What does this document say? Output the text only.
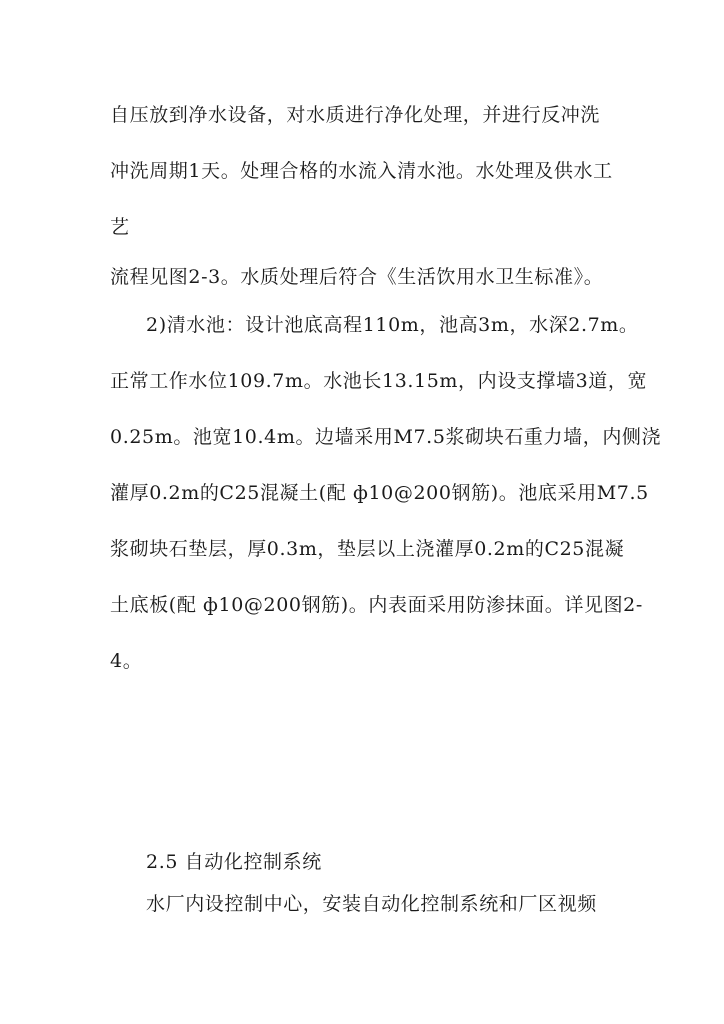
自压放到净水设备，对水质进行净化处理，并进行反冲洗
冲洗周期1天。处理合格的水流入清水池。水处理及供水工
艺
流程见图2-3。水质处理后符合《生活饮用水卫生标准》。
2)清水池：设计池底高程110m，池高3m，水深2.7m。
正常工作水位109.7m。水池长13.15m，内设支撑墙3道，宽
0.25m。池宽10.4m。边墙采用M7.5浆砌块石重力墙，内侧浇
灌厚0.2m的C25混凝土(配 ф10@200钢筋)。池底采用M7.5
浆砌块石垫层，厚0.3m，垫层以上浇灌厚0.2m的C25混凝
土底板(配 ф10@200钢筋)。内表面采用防渗抹面。详见图2-
4。
2.5 自动化控制系统
水厂内设控制中心，安装自动化控制系统和厂区视频
